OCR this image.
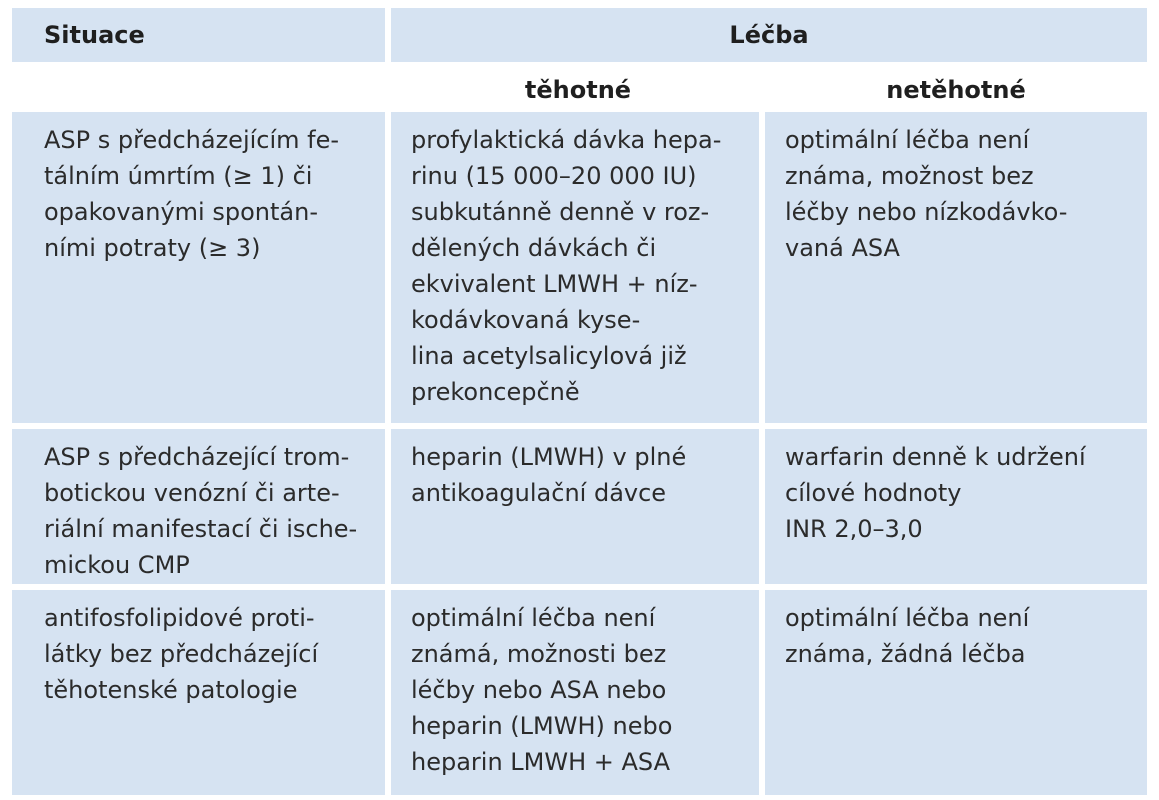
Situace	Léčba
těhotné	netěhotné
ASP s předcházejícím fe-
tálním úmrtím (≥ 1) či
opakovanými spontán-
ními potraty (≥ 3)
profylaktická dávka hepa-
rinu (15 000–20 000 IU)
subkutánně denně v roz-
dělených dávkách či
ekvivalent LMWH + níz-
kodávkovaná kyse-
lina acetylsalicylová již
prekoncepčně
optimální léčba není
známa, možnost bez
léčby nebo nízkodávko-
vaná ASA
ASP s předcházející trom-
botickou venózní či arte-
riální manifestací či ische-
mickou CMP
heparin (LMWH) v plné
antikoagulační dávce
warfarin denně k udržení
cílové hodnoty
INR 2,0–3,0
antifosfolipidové proti-
látky bez předcházející
těhotenské patologie
optimální léčba není
známá, možnosti bez
léčby nebo ASA nebo
heparin (LMWH) nebo
heparin LMWH + ASA
optimální léčba není
známa, žádná léčba
